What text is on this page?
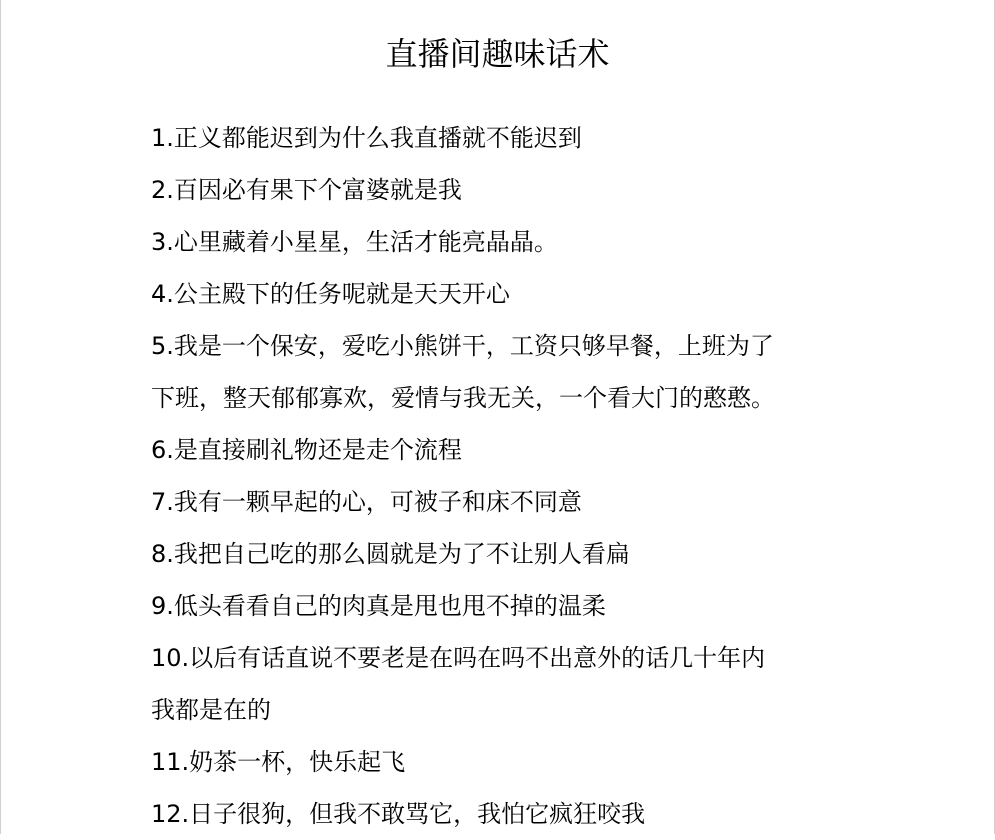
直播间趣味话术
1.正义都能迟到为什么我直播就不能迟到
2.百因必有果下个富婆就是我
3.心里藏着小星星，生活才能亮晶晶。
4.公主殿下的任务呢就是天天开心
5.我是一个保安，爱吃小熊饼干，工资只够早餐，上班为了
下班，整天郁郁寡欢，爱情与我无关，一个看大门的憨憨。
6.是直接刷礼物还是走个流程
7.我有一颗早起的心，可被子和床不同意
8.我把自己吃的那么圆就是为了不让别人看扁
9.低头看看自己的肉真是甩也甩不掉的温柔
10.以后有话直说不要老是在吗在吗不出意外的话几十年内
我都是在的
11.奶茶一杯，快乐起飞
12.日子很狗，但我不敢骂它，我怕它疯狂咬我
